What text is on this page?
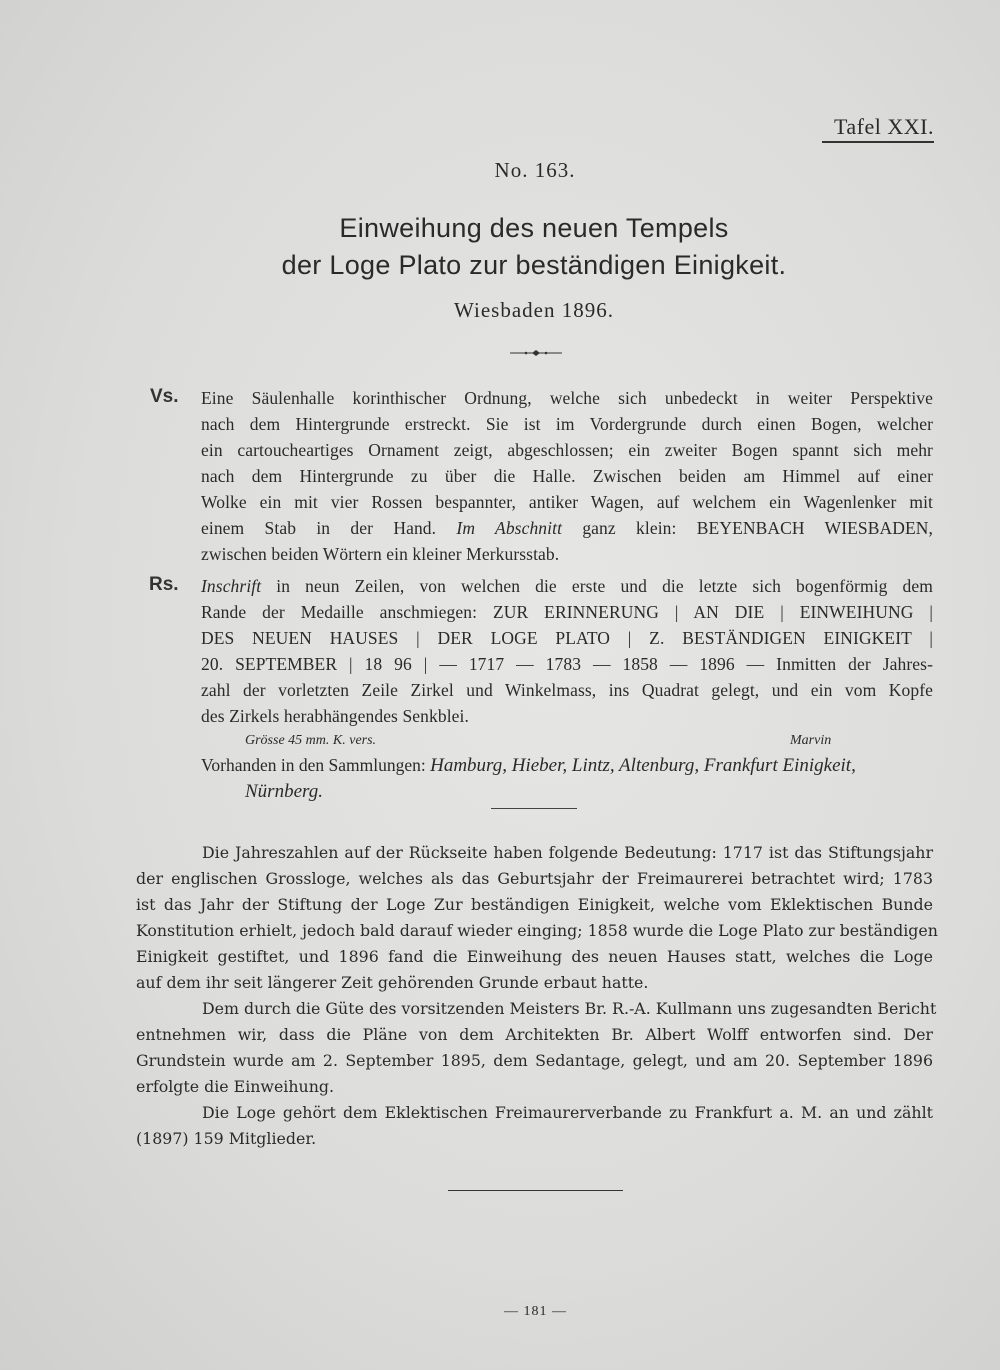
Tafel XXI.
No. 163.
Einweihung des neuen Tempels
der Loge Plato zur beständigen Einigkeit.
Wiesbaden 1896.
Vs. Eine Säulenhalle korinthischer Ordnung, welche sich unbedeckt in weiter Perspektive
nach dem Hintergrunde erstreckt. Sie ist im Vordergrunde durch einen Bogen, welcher
ein cartoucheartiges Ornament zeigt, abgeschlossen; ein zweiter Bogen spannt sich mehr
nach dem Hintergrunde zu über die Halle. Zwischen beiden am Himmel auf einer
Wolke ein mit vier Rossen bespannter, antiker Wagen, auf welchem ein Wagenlenker mit
einem Stab in der Hand. Im Abschnitt ganz klein: BEYENBACH WIESBADEN,
zwischen beiden Wörtern ein kleiner Merkursstab.
Rs. Inschrift in neun Zeilen, von welchen die erste und die letzte sich bogenförmig dem
Rande der Medaille anschmiegen: ZUR ERINNERUNG | AN DIE | EINWEIHUNG |
DES NEUEN HAUSES | DER LOGE PLATO | Z. BESTÄNDIGEN EINIGKEIT |
20. SEPTEMBER | 18 96 | — 1717 — 1783 — 1858 — 1896 — Inmitten der Jahres-
zahl der vorletzten Zeile Zirkel und Winkelmass, ins Quadrat gelegt, und ein vom Kopfe
des Zirkels herabhängendes Senkblei.
Grösse 45 mm. K. vers.	Marvin
Vorhanden in den Sammlungen: Hamburg, Hieber, Lintz, Altenburg, Frankfurt Einigkeit,
Nürnberg.
Die Jahreszahlen auf der Rückseite haben folgende Bedeutung: 1717 ist das Stiftungsjahr
der englischen Grossloge, welches als das Geburtsjahr der Freimaurerei betrachtet wird; 1783
ist das Jahr der Stiftung der Loge Zur beständigen Einigkeit, welche vom Eklektischen Bunde
Konstitution erhielt, jedoch bald darauf wieder einging; 1858 wurde die Loge Plato zur beständigen
Einigkeit gestiftet, und 1896 fand die Einweihung des neuen Hauses statt, welches die Loge
auf dem ihr seit längerer Zeit gehörenden Grunde erbaut hatte.
Dem durch die Güte des vorsitzenden Meisters Br. R.-A. Kullmann uns zugesandten Bericht
entnehmen wir, dass die Pläne von dem Architekten Br. Albert Wolff entworfen sind. Der
Grundstein wurde am 2. September 1895, dem Sedantage, gelegt, und am 20. September 1896
erfolgte die Einweihung.
Die Loge gehört dem Eklektischen Freimaurerverbande zu Frankfurt a. M. an und zählt
(1897) 159 Mitglieder.
— 181 —
